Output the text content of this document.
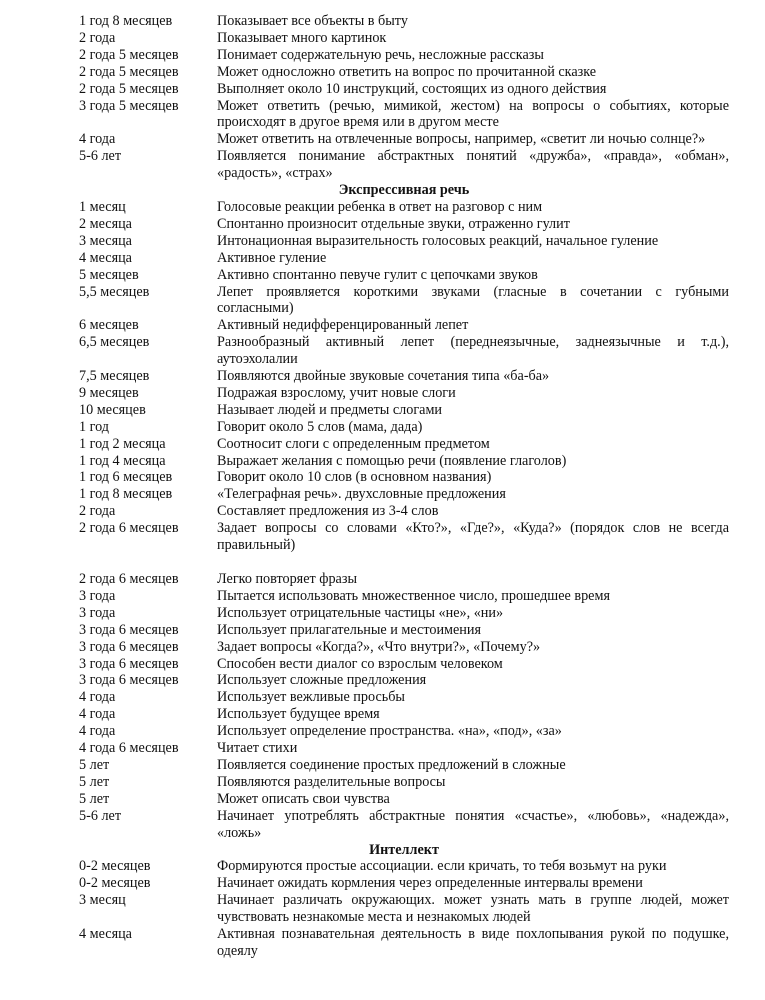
1 год 8 месяцев	Показывает все объекты в быту
2 года	Показывает много картинок
2 года 5 месяцев	Понимает содержательную речь, несложные рассказы
2 года 5 месяцев	Может односложно ответить на вопрос по прочитанной сказке
2 года 5 месяцев	Выполняет около 10 инструкций, состоящих из одного действия
3 года 5 месяцев	Может ответить (речью, мимикой, жестом) на вопросы о событиях, которые происходят в другое время или в другом месте
4 года	Может ответить на отвлеченные вопросы, например, «светит ли ночью солнце?»
5-6 лет	Появляется понимание абстрактных понятий «дружба», «правда», «обман», «радость», «страх»
Экспрессивная речь
1 месяц	Голосовые реакции ребенка в ответ на разговор с ним
2 месяца	Спонтанно произносит отдельные звуки, отраженно гулит
3 месяца	Интонационная выразительность голосовых реакций, начальное гуление
4 месяца	Активное гуление
5 месяцев	Активно спонтанно певуче гулит с цепочками звуков
5,5 месяцев	Лепет проявляется короткими звуками (гласные в сочетании с губными согласными)
6 месяцев	Активный недифференцированный лепет
6,5 месяцев	Разнообразный активный лепет (переднеязычные, заднеязычные и т.д.), аутоэхолалии
7,5 месяцев	Появляются двойные звуковые сочетания типа «ба-ба»
9 месяцев	Подражая взрослому, учит новые слоги
10 месяцев	Называет людей и предметы слогами
1 год	Говорит около 5 слов (мама, дада)
1 год 2 месяца	Соотносит слоги с определенным предметом
1 год 4 месяца	Выражает желания с помощью речи (появление глаголов)
1 год 6 месяцев	Говорит около 10 слов (в основном названия)
1 год 8 месяцев	«Телеграфная речь». двухсловные предложения
2 года	Составляет предложения из 3-4 слов
2 года 6 месяцев	Задает вопросы со словами «Кто?», «Где?», «Куда?» (порядок слов не всегда правильный)
2 года 6 месяцев	Легко повторяет фразы
3 года	Пытается использовать множественное число, прошедшее время
3 года	Использует отрицательные частицы «не», «ни»
3 года 6 месяцев	Использует прилагательные и местоимения
3 года 6 месяцев	Задает вопросы «Когда?», «Что внутри?», «Почему?»
3 года 6 месяцев	Способен вести диалог со взрослым человеком
3 года 6 месяцев	Использует сложные предложения
4 года	Использует вежливые просьбы
4 года	Использует будущее время
4 года	Использует определение пространства. «на», «под», «за»
4 года 6 месяцев	Читает стихи
5 лет	Появляется соединение простых предложений в сложные
5 лет	Появляются разделительные вопросы
5 лет	Может описать свои чувства
5-6 лет	Начинает употреблять абстрактные понятия «счастье», «любовь», «надежда», «ложь»
Интеллект
0-2 месяцев	Формируются простые ассоциации. если кричать, то тебя возьмут на руки
0-2 месяцев	Начинает ожидать кормления через определенные интервалы времени
3 месяц	Начинает различать окружающих. может узнать мать в группе людей, может чувствовать незнакомые места и незнакомых людей
4 месяца	Активная познавательная деятельность в виде похлопывания рукой по подушке, одеялу
